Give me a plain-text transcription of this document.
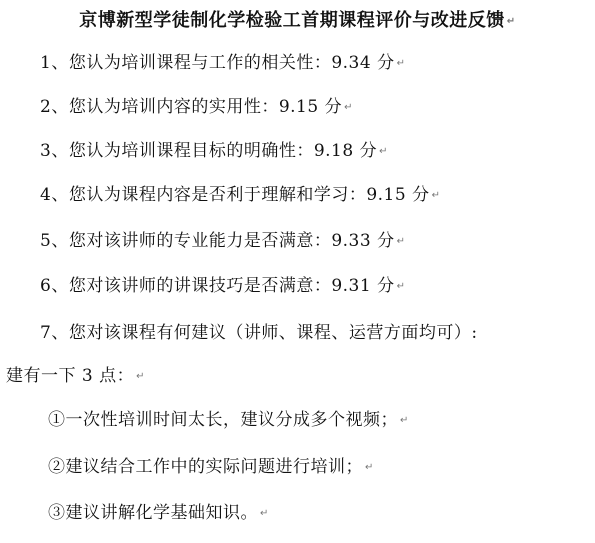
京博新型学徒制化学检验工首期课程评价与改进反馈 ↵
1、您认为培训课程与工作的相关性：9.34 分 ↵
2、您认为培训内容的实用性：9.15 分 ↵
3、您认为培训课程目标的明确性：9.18 分 ↵
4、您认为课程内容是否利于理解和学习：9.15 分 ↵
5、您对该讲师的专业能力是否满意：9.33 分 ↵
6、您对该讲师的讲课技巧是否满意：9.31 分 ↵
7、您对该课程有何建议（讲师、课程、运营方面均可）:
建有一下 3 点： ↵
①一次性培训时间太长，建议分成多个视频； ↵
②建议结合工作中的实际问题进行培训； ↵
③建议讲解化学基础知识。 ↵
